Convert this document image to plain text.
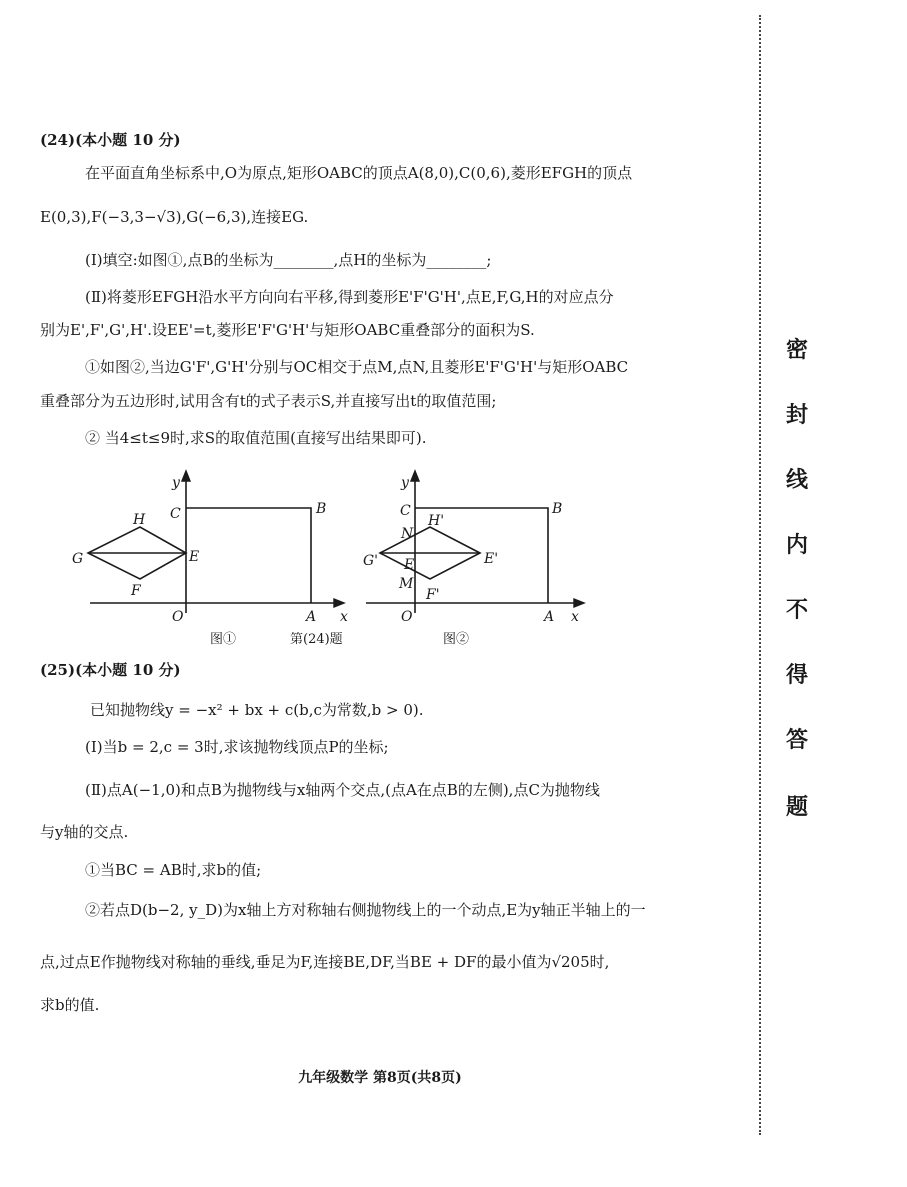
(24)(本小题 10 分)
在平面直角坐标系中,O为原点,矩形OABC的顶点A(8,0),C(0,6),菱形EFGH的顶点
E(0,3),F(−3,3−√3),G(−6,3),连接EG.
(Ⅰ)填空:如图①,点B的坐标为________,点H的坐标为________;
(Ⅱ)将菱形EFGH沿水平方向向右平移,得到菱形E'F'G'H',点E,F,G,H的对应点分
别为E',F',G',H'.设EE'=t,菱形E'F'G'H'与矩形OABC重叠部分的面积为S.
①如图②,当边G'F',G'H'分别与OC相交于点M,点N,且菱形E'F'G'H'与矩形OABC
重叠部分为五边形时,试用含有t的式子表示S,并直接写出t的取值范围;
② 当4≤t≤9时,求S的取值范围(直接写出结果即可).
y
C	B
H
G	E
F
O	A x
图①	第(24)题
y
C	B
H'
N
G' E	E'
M
F'
O	A x
图②
(25)(本小题 10 分)
已知抛物线y = −x² + bx + c(b,c为常数,b > 0).
(Ⅰ)当b = 2,c = 3时,求该抛物线顶点P的坐标;
(Ⅱ)点A(−1,0)和点B为抛物线与x轴两个交点,(点A在点B的左侧),点C为抛物线
与y轴的交点.
①当BC = AB时,求b的值;
②若点D(b−2, y_D)为x轴上方对称轴右侧抛物线上的一个动点,E为y轴正半轴上的一
点,过点E作抛物线对称轴的垂线,垂足为F,连接BE,DF,当BE + DF的最小值为√205时,
求b的值.
九年级数学 第8页(共8页)
密
封
线
内
不
得
答
题
